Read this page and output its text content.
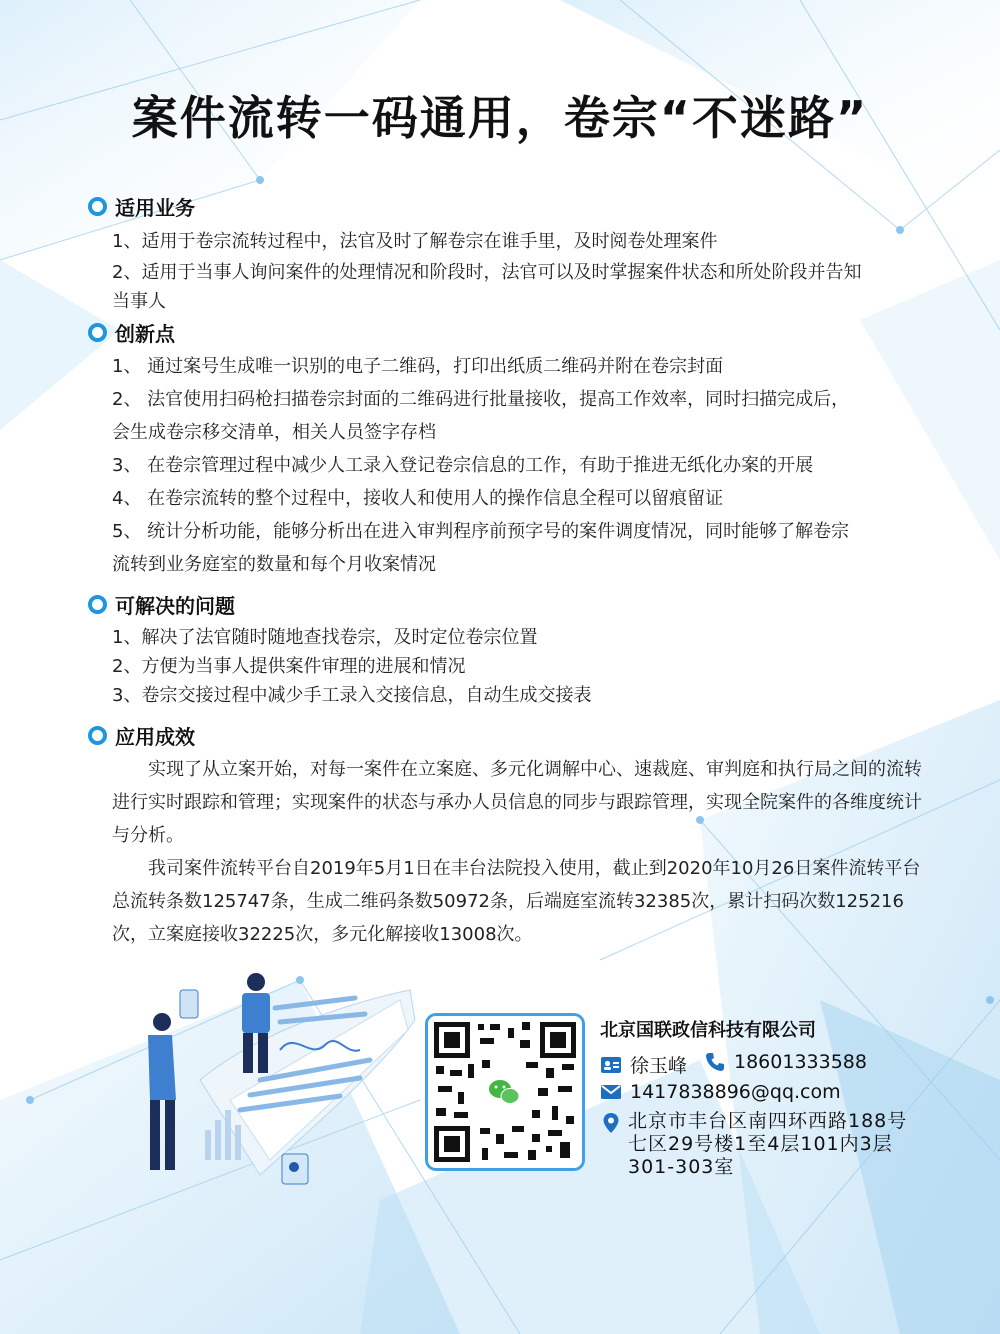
案件流转一码通用，卷宗“不迷路”
适用业务
1、适用于卷宗流转过程中，法官及时了解卷宗在谁手里，及时阅卷处理案件
2、适用于当事人询问案件的处理情况和阶段时，法官可以及时掌握案件状态和所处阶段并告知
当事人
创新点
1、 通过案号生成唯一识别的电子二维码，打印出纸质二维码并附在卷宗封面
2、 法官使用扫码枪扫描卷宗封面的二维码进行批量接收，提高工作效率，同时扫描完成后，
会生成卷宗移交清单，相关人员签字存档
3、 在卷宗管理过程中减少人工录入登记卷宗信息的工作，有助于推进无纸化办案的开展
4、 在卷宗流转的整个过程中，接收人和使用人的操作信息全程可以留痕留证
5、 统计分析功能，能够分析出在进入审判程序前预字号的案件调度情况，同时能够了解卷宗
流转到业务庭室的数量和每个月收案情况
可解决的问题
1、解决了法官随时随地查找卷宗，及时定位卷宗位置
2、方便为当事人提供案件审理的进展和情况
3、卷宗交接过程中减少手工录入交接信息，自动生成交接表
应用成效

实现了从立案开始，对每一案件在立案庭、多元化调解中心、速裁庭、审判庭和执行局之间的流转进行实时跟踪和管理；实现案件的状态与承办人员信息的同步与跟踪管理，实现全院案件的各维度统计与分析。

我司案件流转平台自2019年5月1日在丰台法院投入使用，截止到2020年10月26日案件流转平台总流转条数125747条，生成二维码条数50972条，后端庭室流转32385次，累计扫码次数125216次，立案庭接收32225次，多元化解接收13008次。

北京国联政信科技有限公司
徐玉峰 18601333588
1417838896@qq.com
北京市丰台区南四环西路188号
七区29号楼1至4层101内3层
301-303室
